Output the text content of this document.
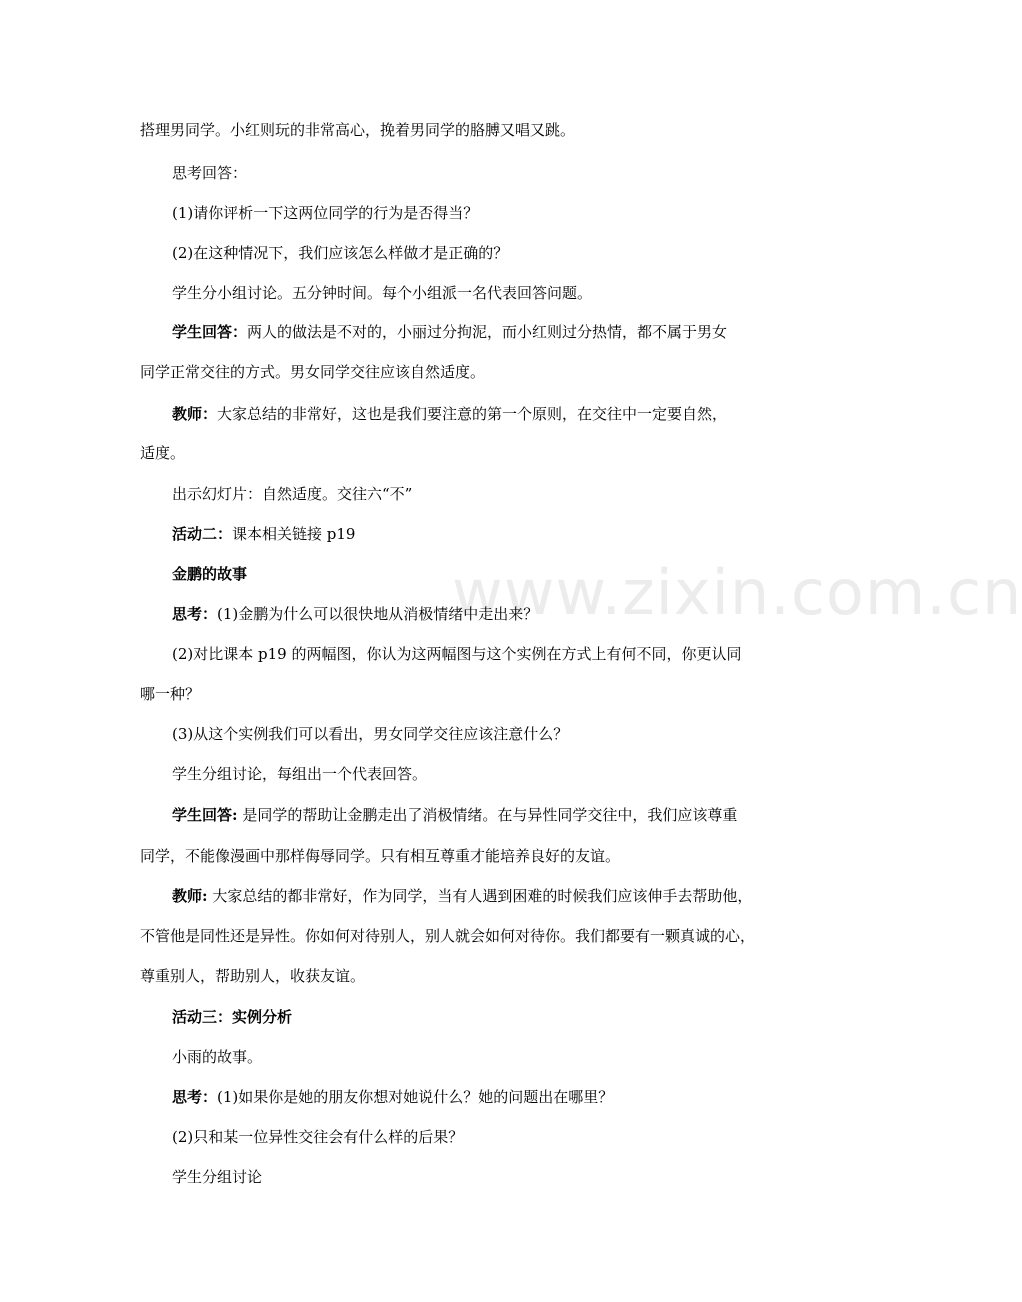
www.zixin.com.cn
搭理男同学。小红则玩的非常高心，挽着男同学的胳膊又唱又跳。
思考回答：
(1)请你评析一下这两位同学的行为是否得当？
(2)在这种情况下，我们应该怎么样做才是正确的？
学生分小组讨论。五分钟时间。每个小组派一名代表回答问题。
学生回答：两人的做法是不对的，小丽过分拘泥，而小红则过分热情，都不属于男女
同学正常交往的方式。男女同学交往应该自然适度。
教师：大家总结的非常好，这也是我们要注意的第一个原则，在交往中一定要自然，
适度。
出示幻灯片：自然适度。交往六“不”
活动二：课本相关链接 p19
金鹏的故事
思考：(1)金鹏为什么可以很快地从消极情绪中走出来？
(2)对比课本 p19 的两幅图，你认为这两幅图与这个实例在方式上有何不同，你更认同
哪一种？
(3)从这个实例我们可以看出，男女同学交往应该注意什么？
学生分组讨论，每组出一个代表回答。
学生回答: 是同学的帮助让金鹏走出了消极情绪。在与异性同学交往中，我们应该尊重
同学，不能像漫画中那样侮辱同学。只有相互尊重才能培养良好的友谊。
教师: 大家总结的都非常好，作为同学，当有人遇到困难的时候我们应该伸手去帮助他，
不管他是同性还是异性。你如何对待别人，别人就会如何对待你。我们都要有一颗真诚的心，
尊重别人，帮助别人，收获友谊。
活动三：实例分析
小雨的故事。
思考：(1)如果你是她的朋友你想对她说什么？她的问题出在哪里？
(2)只和某一位异性交往会有什么样的后果？
学生分组讨论
